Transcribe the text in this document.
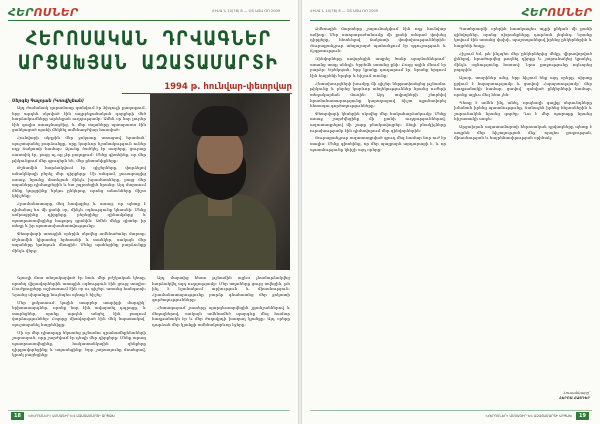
ՀԵՐՈՍՆԵՐ	ՀԻՍԱ Ն 10(76) 8 — ՕՏ ԱՏԱ ՌՈ 2009
ՀԵՐՈՍԱԿԱՆ ԴՐՎԱԳՆԵՐ
ԱՐՑԱԽՅԱՆ ԱԶԱՏԱՄԱՐՏԻ
1994 թ. հունվար-փետրվար
Սերգեյ Գալոյան (Կոռվիլեան)

Այդ ժամանակ զորամասը գտնվում էր Ֆիզուլի քաղաքում, երբ արդեն սկսված էին ադրբեջանական զորքերի մեծ հարձակումները արևելյան ուղղությամբ։ Ամեն օր նոր լուրեր էին գալիս առաջնագծից, և մեր տղաները պատրաստ էին ցանկացած պահի մեկնել ամենադժվար հատված։

Հունվարի սկզբին մեր ջոկատը ստացավ հրաման՝ պաշտպանել բարձունքը, որը կարևոր նշանակություն ուներ ողջ ճակատի համար։ Ձյունը ծածկել էր սարերը, ցուրտը սաստիկ էր, բայց ոչ ոք չէր բողոքում։ Մենք գիտեինք, որ մեր թիկունքում մեր գյուղերն են, մեր ընտանիքները։

Թշնամին հարձակվում էր գիշերները, փորձելով անակնկալի բերել մեր դիրքերը։ Մի անգամ, լուսաբացից առաջ, նրանք մոտեցան մինչև խրամատները, բայց մեր տղաները դիմադրեցին և ետ շպրտեցին նրանց։ Այդ մարտում մենք կորցրինք երկու ընկերոջ, որոնց անունները միշտ կհիշենք։

Հրամանատարը մեզ հավաքեց և ասաց, որ պետք է դիմանալ ևս մի քանի օր, մինչև օգնությունը կհասնի։ Մենք ամրացրինք դիրքերը, բերեցինք զինամթերք և պատրաստվեցինք հաջորդ գրոհին։ Ամեն մեկը գիտեր իր տեղը և իր պատասխանատվությունը։

Փետրվարի առաջին օրերին սկսվեց ամենածանր մարտը։ Թշնամին կիրառեց հրետանի և տանկեր, սակայն մեր տղաները կանգուն մնացին։ Մենք պահեցինք բարձունքը մինչև վերջ։

Գյուղի մոտ տեղակայված էր նաև մեր բժշկական կետը, որտեղ վիրավորներին առաջին օգնություն էին ցույց տալիս։ Բուժքույրերը աշխատում էին օր ու գիշեր, առանց հանգստի։ Նրանց սխրանքը նույնպես պետք է հիշել։

Մեր ջոկատում կային տարբեր տարիքի մարդիկ՝ երիտասարդներ, որոնք նոր էին ավարտել դպրոցը, և տարեցներ, որոնք արդեն անցել էին բազում փորձություններ։ Բոլորը միավորված էին մեկ նպատակով՝ պաշտպանել հայրենիքը։

Մի օր մեր դիտորդը նկատեց թշնամու զրահամեքենաների շարասյուն, որը շարժվում էր դեպի մեր դիրքերը։ Մենք արագ պատրաստվեցինք, հակատանկային զենքերը դիրքավորեցինք և սպասեցինք։ Երբ շարասյունը մոտեցավ, կրակ բացեցինք։

Այդ մարտից հետո թշնամին այլևս չհամարձակվեց հարձակվել այդ ուղղությամբ։ Մեր տղաները ցույց տվեցին, թե ինչ է նշանակում արիություն և միասնություն։ Հրամանատարությունը բարձր գնահատեց մեր ջոկատի գործողությունները։

Հետագայում շատերը պարգևատրվեցին շքանշաններով և մեդալներով, սակայն ամենամեծ պարգևը մեզ համար հաղթանակն էր և մեր ժողովրդի խաղաղ կյանքը։ Այդ օրերը դարձան մեր կյանքի ամենակարևոր էջերը։

18 «ՀԵՐՈՍՆԵՐ» ԱՄՍԱԳԻՐ ԵՎ ԱԶԱՏԱՄԱՐՏԻ ԱՐՑԱԽ
ՀԻՍԱ Ն 10(76) 8 — ՕՏ ԱՏԱ ՌՈ 2009	ՀԵՐՈՍՆԵՐ

Ձմեռային մարտերը շարունակվում էին ողջ հունվար ամիսը։ Մեր ստորաբաժանումը մի քանի անգամ փոխեց դիրքերը, հետևելով ճակատի փոփոխություններին։ Յուրաքանչյուր տեղաշարժ պահանջում էր զգուշություն և ճշգրտություն։

Զինվորները սովորեցին ապրել ծանր պայմաններում՝ առանց տաք սննդի, երբեմն առանց քնի։ Բայց ոգին մնում էր բարձր։ Երեկոյան, երբ կրակը դադարում էր, նրանք երգում էին հայրենի երգեր և հիշում տունը։

Հետախույզների խումբը մի գիշեր ներթափանցեց թշնամու թիկունք և բերեց կարևոր տեղեկություններ նրանց ուժերի տեղակայման մասին։ Այդ տվյալների շնորհիվ հրամանատարությունը կարողացավ ճիշտ պլանավորել հետագա գործողությունները։

Փետրվարի կեսերին սկսվեց մեր հակահարձակումը։ Մենք առաջ շարժվեցինք մի քանի ուղղություններով, ազատագրելով մի շարք բնակավայրեր։ Տեղի բնակիչները ուրախությամբ էին դիմավորում մեր զինվորներին։

Յուրաքանչյուր ազատագրված գյուղ մեզ համար նոր ուժ էր տալիս։ Մենք գիտեինք, որ մեր պայքարն արդարացի է, և որ պատմությունը կհիշի այդ օրերը։

Պատերազմի օրերին հատկապես աչքի ընկան մի քանի զինվորներ, որոնց սխրանքները դարձան լեգենդ։ Նրանք կռվում էին առանց վախի, պաշտպանելով իրենց ընկերներին և հայրենի հողը։

Հիշում եմ, թե ինչպես մեր ընկերներից մեկը, վիրավորված լինելով, հրաժարվեց թողնել դիրքը և շարունակեց կրակել, մինչև օգնությունը հասավ։ Նրա քաջությունը ոգևորեց բոլորին։

Այսօր, տարիներ անց, երբ հիշում ենք այդ օրերը, սիրտը լցվում է հպարտությամբ և ցավով։ Հպարտությամբ՝ մեր հաղթանակի համար, ցավով՝ զոհված ընկերների համար, որոնք այլևս մեզ հետ չեն։

Պետք է ամեն ինչ անել, որպեսզի գալիք սերունդները իմանան իրենց պատմությունը, ճանաչեն իրենց հերոսներին և շարունակեն նրանց գործը։ Դա է մեր պարտքը նրանց հիշատակի առջև։

Արցախյան ազատամարտի հերոսական դրվագները պետք է ապրեն մեր հիշողության մեջ՝ որպես քաջության, միասնության և հայրենասիրության օրինակ։

Լուսանկարը՝
ՀԵՐՈՍ ՀԱՅԴԵՐ
«ՀԵՐՈՍՆԵՐ» ԱՄՍԱԳԻՐ ԵՎ ԱԶԱՏԱՄԱՐՏԻ ԱՐՑԱԽ 19
